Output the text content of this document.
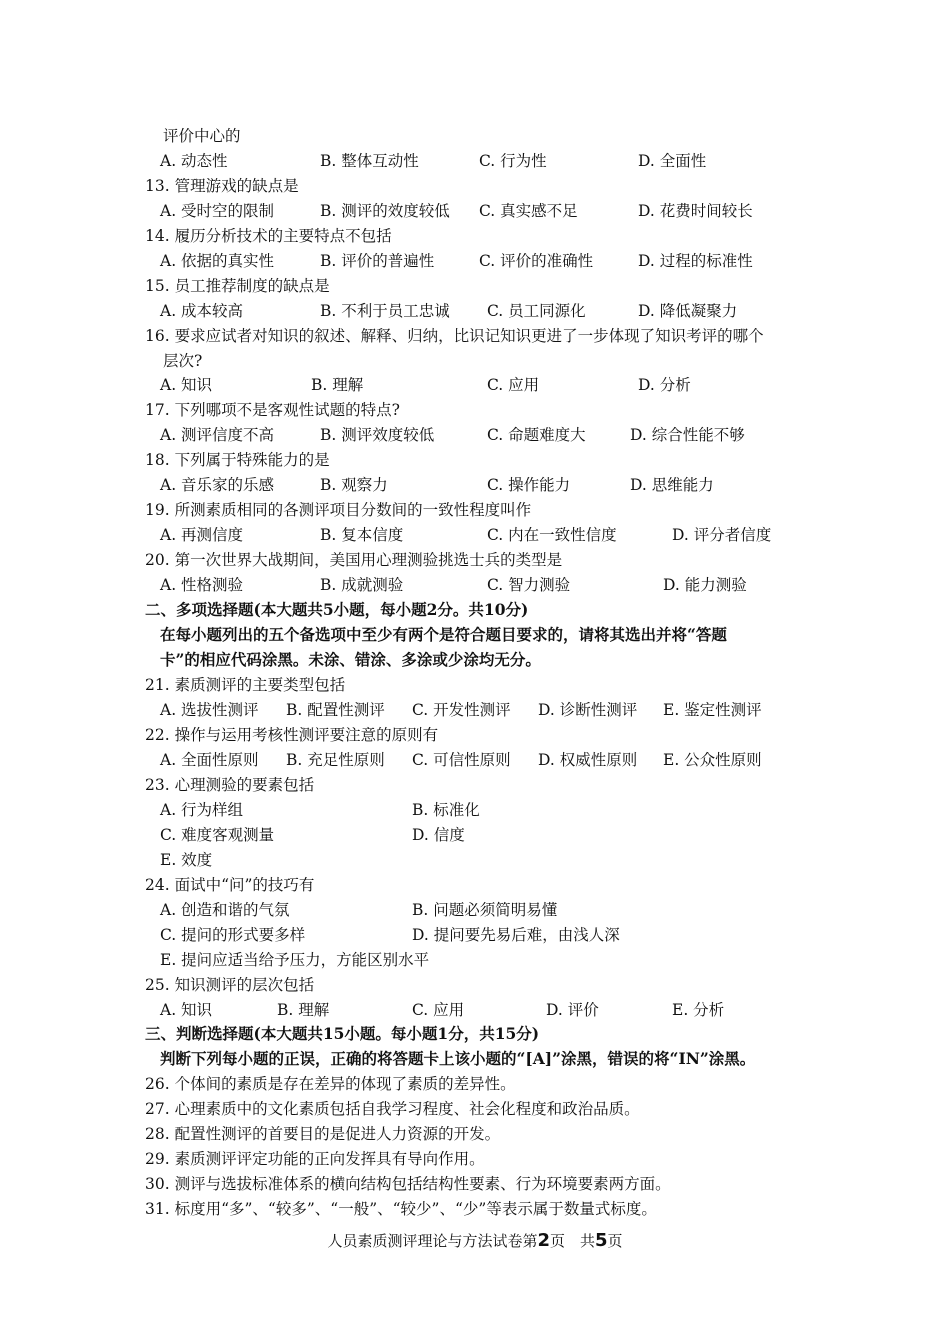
评价中心的
A. 动态性	B. 整体互动性	C. 行为性	D. 全面性
13. 管理游戏的缺点是
A. 受时空的限制	B. 测评的效度较低 C. 真实感不足	D. 花费时间较长
14. 履历分析技术的主要特点不包括
A. 依据的真实性	B. 评价的普遍性	C. 评价的准确性	D. 过程的标准性
15. 员工推荐制度的缺点是
A. 成本较高	B. 不利于员工忠诚 C. 员工同源化	D. 降低凝聚力
16. 要求应试者对知识的叙述、解释、归纳，比识记知识更进了一步体现了知识考评的哪个
层次?
A. 知识	B. 理解	C. 应用	D. 分析
17. 下列哪项不是客观性试题的特点?
A. 测评信度不高	B. 测评效度较低	C. 命题难度大	D. 综合性能不够
18. 下列属于特殊能力的是
A. 音乐家的乐感	B. 观察力	C. 操作能力	D. 思维能力
19. 所测素质相同的各测评项目分数间的一致性程度叫作
A. 再测信度	B. 复本信度	C. 内在一致性信度	D. 评分者信度
20. 第一次世界大战期间，美国用心理测验挑选士兵的类型是
A. 性格测验	B. 成就测验	C. 智力测验	D. 能力测验
二、多项选择题(本大题共5小题，每小题2分。共10分)
在每小题列出的五个备选项中至少有两个是符合题目要求的，请将其选出并将“答题
卡”的相应代码涂黑。未涂、错涂、多涂或少涂均无分。
21. 素质测评的主要类型包括
A. 选拔性测评 B. 配置性测评 C. 开发性测评 D. 诊断性测评 E. 鉴定性测评
22. 操作与运用考核性测评要注意的原则有
A. 全面性原则 B. 充足性原则 C. 可信性原则 D. 权威性原则 E. 公众性原则
23. 心理测验的要素包括
A. 行为样组	B. 标准化
C. 难度客观测量	D. 信度
E. 效度
24. 面试中“问”的技巧有
A. 创造和谐的气氛	B. 问题必须简明易懂
C. 提问的形式要多样	D. 提问要先易后难，由浅人深
E. 提问应适当给予压力，方能区别水平
25. 知识测评的层次包括
A. 知识	B. 理解	C. 应用	D. 评价	E. 分析
三、判断选择题(本大题共15小题。每小题1分，共15分)
判断下列每小题的正误，正确的将答题卡上该小题的“[A]”涂黑，错误的将“IN”涂黑。
26. 个体间的素质是存在差异的体现了素质的差异性。
27. 心理素质中的文化素质包括自我学习程度、社会化程度和政治品质。
28. 配置性测评的首要目的是促进人力资源的开发。
29. 素质测评评定功能的正向发挥具有导向作用。
30. 测评与选拔标准体系的横向结构包括结构性要素、行为环境要素两方面。
31. 标度用“多”、“较多”、“一般”、“较少”、“少”等表示属于数量式标度。
人员素质测评理论与方法试卷第2页　共5页
